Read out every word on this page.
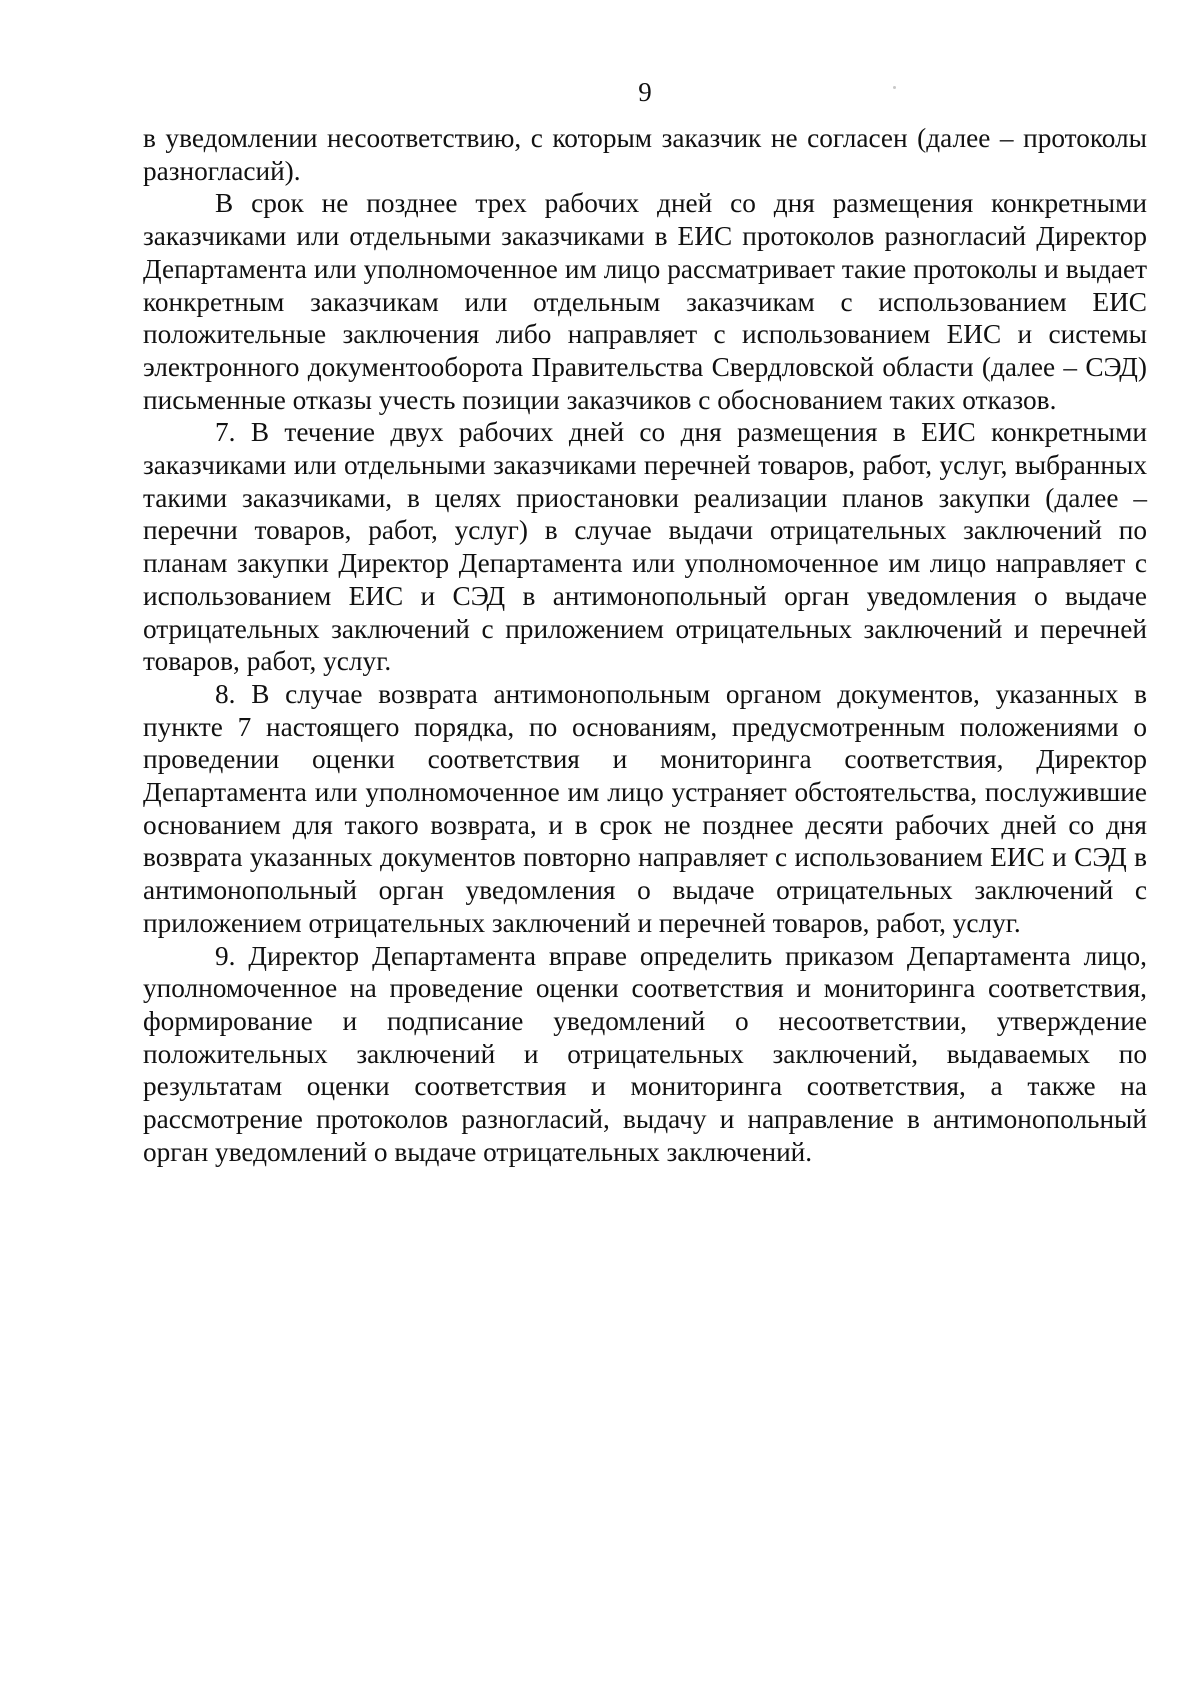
9

в уведомлении несоответствию, с которым заказчик не согласен (далее – протоколы разногласий).

В срок не позднее трех рабочих дней со дня размещения конкретными заказчиками или отдельными заказчиками в ЕИС протоколов разногласий Директор Департамента или уполномоченное им лицо рассматривает такие протоколы и выдает конкретным заказчикам или отдельным заказчикам с использованием ЕИС положительные заключения либо направляет с использованием ЕИС и системы электронного документооборота Правительства Свердловской области (далее – СЭД) письменные отказы учесть позиции заказчиков с обоснованием таких отказов.

7. В течение двух рабочих дней со дня размещения в ЕИС конкретными заказчиками или отдельными заказчиками перечней товаров, работ, услуг, выбранных такими заказчиками, в целях приостановки реализации планов закупки (далее – перечни товаров, работ, услуг) в случае выдачи отрицательных заключений по планам закупки Директор Департамента или уполномоченное им лицо направляет с использованием ЕИС и СЭД в антимонопольный орган уведомления о выдаче отрицательных заключений с приложением отрицательных заключений и перечней товаров, работ, услуг.

8. В случае возврата антимонопольным органом документов, указанных в пункте 7 настоящего порядка, по основаниям, предусмотренным положениями о проведении оценки соответствия и мониторинга соответствия, Директор Департамента или уполномоченное им лицо устраняет обстоятельства, послужившие основанием для такого возврата, и в срок не позднее десяти рабочих дней со дня возврата указанных документов повторно направляет с использованием ЕИС и СЭД в антимонопольный орган уведомления о выдаче отрицательных заключений с приложением отрицательных заключений и перечней товаров, работ, услуг.

9. Директор Департамента вправе определить приказом Департамента лицо, уполномоченное на проведение оценки соответствия и мониторинга соответствия, формирование и подписание уведомлений о несоответствии, утверждение положительных заключений и отрицательных заключений, выдаваемых по результатам оценки соответствия и мониторинга соответствия, а также на рассмотрение протоколов разногласий, выдачу и направление в антимонопольный орган уведомлений о выдаче отрицательных заключений.
